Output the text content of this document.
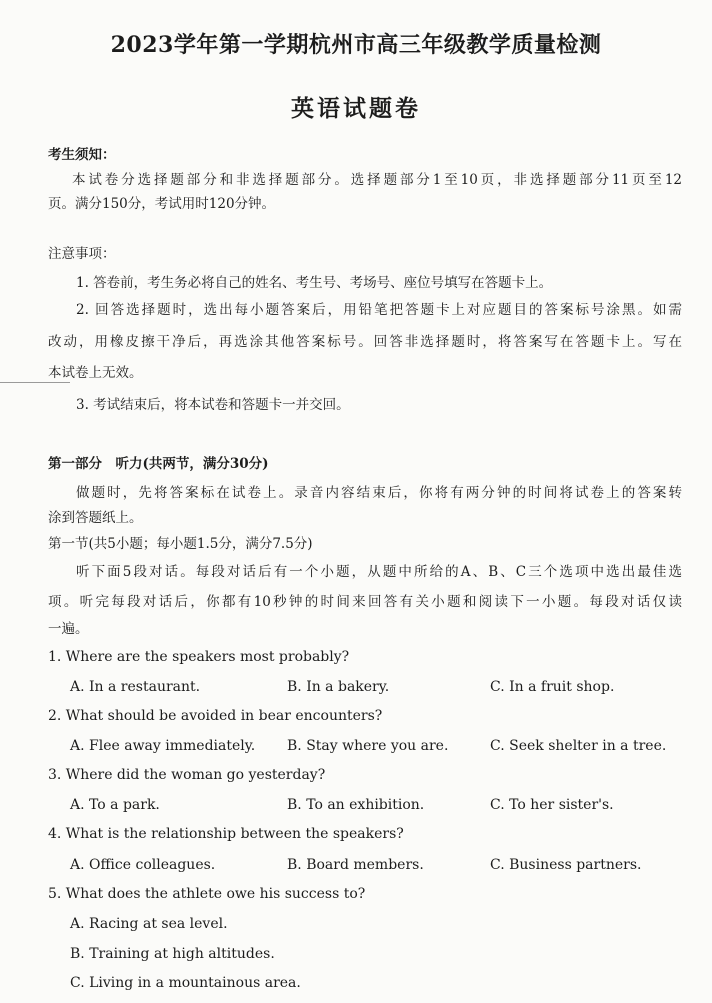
2023学年第一学期杭州市高三年级教学质量检测
英语试题卷
考生须知：
本试卷分选择题部分和非选择题部分。选择题部分1至10页，非选择题部分11页至12
页。满分150分，考试用时120分钟。
注意事项：
1. 答卷前，考生务必将自己的姓名、考生号、考场号、座位号填写在答题卡上。
2. 回答选择题时，选出每小题答案后，用铅笔把答题卡上对应题目的答案标号涂黑。如需
改动，用橡皮擦干净后，再选涂其他答案标号。回答非选择题时，将答案写在答题卡上。写在
本试卷上无效。
3. 考试结束后，将本试卷和答题卡一并交回。
第一部分　听力(共两节，满分30分)
做题时，先将答案标在试卷上。录音内容结束后，你将有两分钟的时间将试卷上的答案转
涂到答题纸上。
第一节(共5小题；每小题1.5分，满分7.5分)
听下面5段对话。每段对话后有一个小题，从题中所给的A、B、C三个选项中选出最佳选
项。听完每段对话后，你都有10秒钟的时间来回答有关小题和阅读下一小题。每段对话仅读
一遍。
1. Where are the speakers most probably?
A. In a restaurant.	B. In a bakery.	C. In a fruit shop.
2. What should be avoided in bear encounters?
A. Flee away immediately. B. Stay where you are.	C. Seek shelter in a tree.
3. Where did the woman go yesterday?
A. To a park.	B. To an exhibition.	C. To her sister's.
4. What is the relationship between the speakers?
A. Office colleagues.	B. Board members.	C. Business partners.
5. What does the athlete owe his success to?
A. Racing at sea level.
B. Training at high altitudes.
C. Living in a mountainous area.
